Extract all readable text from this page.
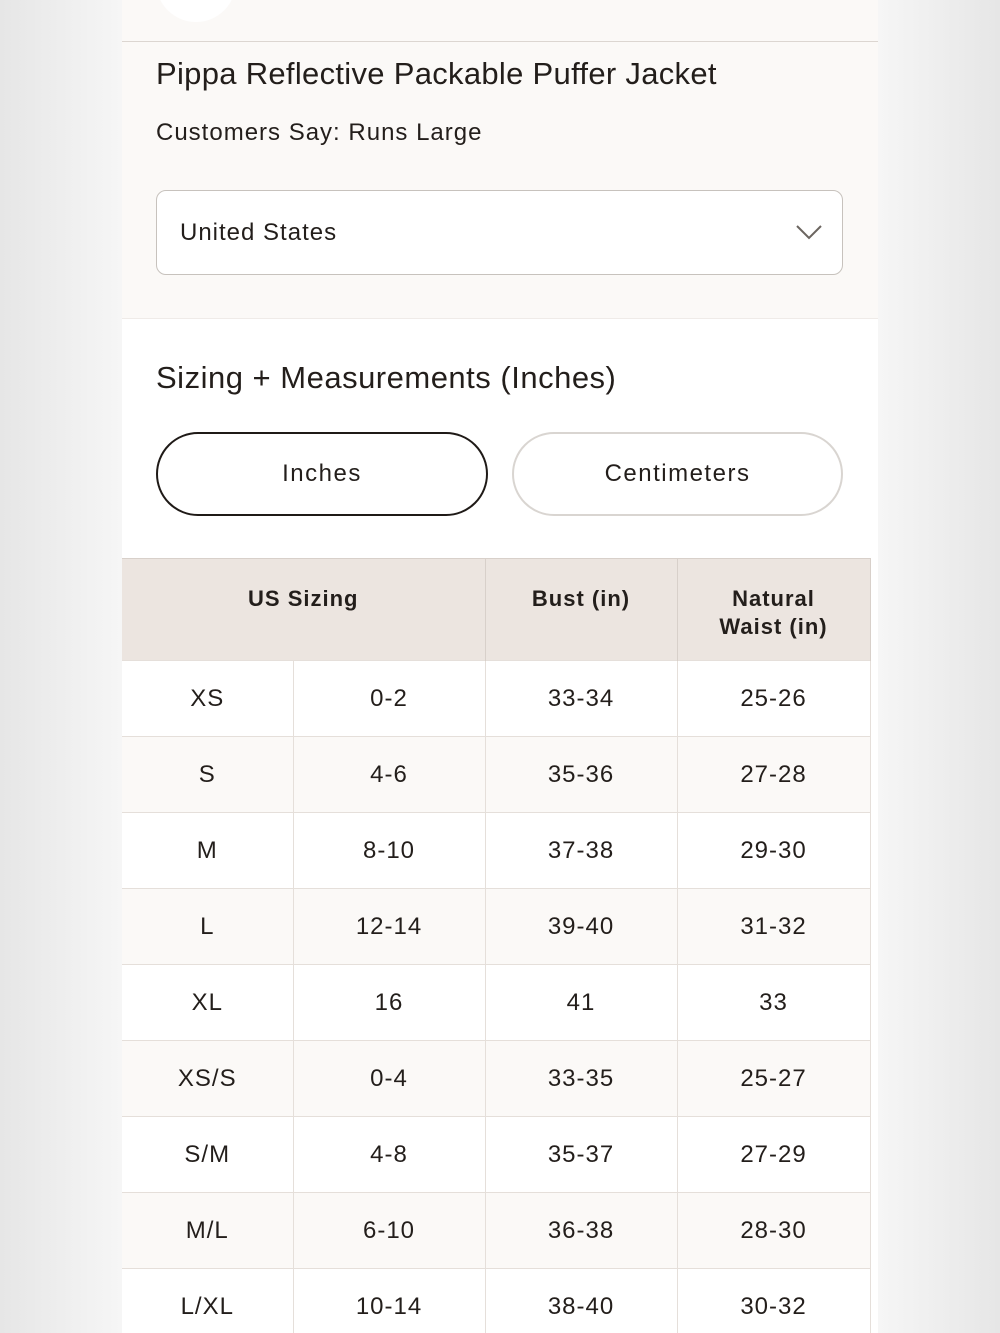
Pippa Reflective Packable Puffer Jacket
Customers Say: Runs Large
United States
Sizing + Measurements (Inches)
Inches	Centimeters
US Sizing		Bust (in)	Natural Waist (in)
XS	0-2	33-34	25-26
S	4-6	35-36	27-28
M	8-10	37-38	29-30
L	12-14	39-40	31-32
XL	16	41	33
XS/S	0-4	33-35	25-27
S/M	4-8	35-37	27-29
M/L	6-10	36-38	28-30
L/XL	10-14	38-40	30-32
